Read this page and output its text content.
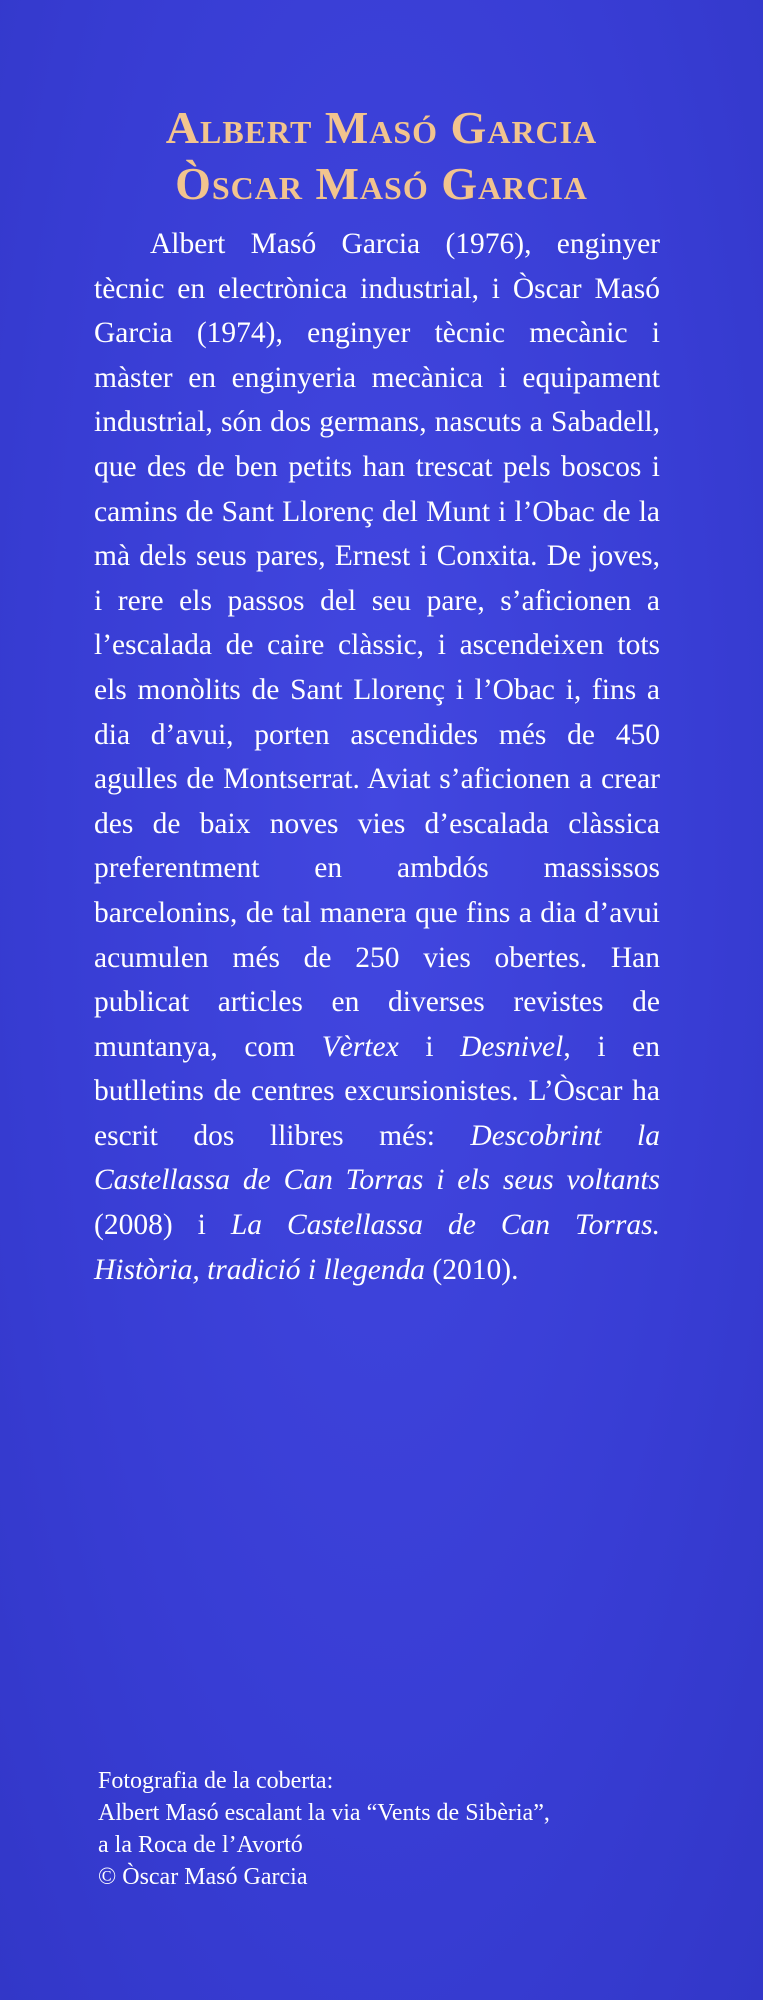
Albert Masó Garcia
Òscar Masó Garcia

Albert Masó Garcia (1976), enginyer tècnic en electrònica industrial, i Òscar Masó Garcia (1974), enginyer tècnic mecànic i màster en enginyeria mecànica i equipament industrial, són dos germans, nascuts a Sabadell, que des de ben petits han trescat pels boscos i camins de Sant Llorenç del Munt i l’Obac de la mà dels seus pares, Ernest i Conxita. De joves, i rere els passos del seu pare, s’aficionen a l’escalada de caire clàssic, i ascendeixen tots els monòlits de Sant Llorenç i l’Obac i, fins a dia d’avui, porten ascendides més de 450 agulles de Montserrat. Aviat s’aficionen a crear des de baix noves vies d’escalada clàssica preferentment en ambdós massissos barcelonins, de tal manera que fins a dia d’avui acumulen més de 250 vies obertes. Han publicat articles en diverses revistes de muntanya, com Vèrtex i Desnivel, i en butlletins de centres excursionistes. L’Òscar ha escrit dos llibres més: Descobrint la Castellassa de Can Torras i els seus voltants (2008) i La Castellassa de Can Torras. Història, tradició i llegenda (2010).

Fotografia de la coberta:
Albert Masó escalant la via “Vents de Sibèria”,
a la Roca de l’Avortó
© Òscar Masó Garcia
